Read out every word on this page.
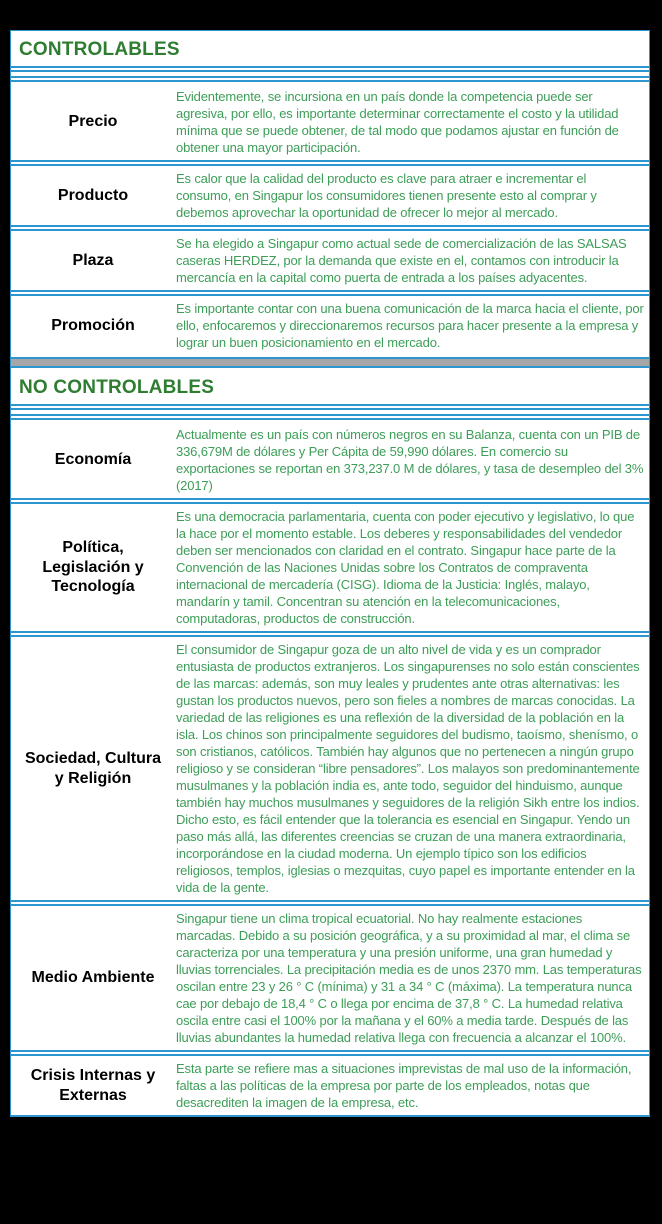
CONTROLABLES
Precio
Evidentemente, se incursiona en un país donde la competencia puede ser agresiva, por ello, es importante determinar correctamente el costo y la utilidad mínima que se puede obtener, de tal modo que podamos ajustar en función de obtener una mayor participación.
Producto
Es calor que la calidad del producto es clave para atraer e incrementar el consumo, en Singapur los consumidores tienen presente esto al comprar y debemos aprovechar la oportunidad de ofrecer lo mejor al mercado.
Plaza
Se ha elegido a Singapur como actual sede de comercialización de las SALSAS caseras HERDEZ, por la demanda que existe en el, contamos con introducir la mercancía en la capital como puerta de entrada a los países adyacentes.
Promoción
Es importante contar con una buena comunicación de la marca hacia el cliente, por ello, enfocaremos y direccionaremos recursos para hacer presente a la empresa y lograr un buen posicionamiento en el mercado.
NO CONTROLABLES
Economía
Actualmente es un país con números negros en su Balanza, cuenta con un PIB de 336,679M de dólares y Per Cápita de 59,990 dólares. En comercio su exportaciones se reportan en 373,237.0 M de dólares, y tasa de desempleo del 3% (2017)
Política, Legislación y Tecnología
Es una democracia parlamentaria, cuenta con poder ejecutivo y legislativo, lo que la hace por el momento estable. Los deberes y responsabilidades del vendedor deben ser mencionados con claridad en el contrato. Singapur hace parte de la Convención de las Naciones Unidas sobre los Contratos de compraventa internacional de mercadería (CISG). Idioma de la Justicia: Inglés, malayo, mandarín y tamil. Concentran su atención en la telecomunicaciones, computadoras, productos de construcción.
Sociedad, Cultura y Religión
El consumidor de Singapur goza de un alto nivel de vida y es un comprador entusiasta de productos extranjeros. Los singapurenses no solo están conscientes de las marcas: además, son muy leales y prudentes ante otras alternativas: les gustan los productos nuevos, pero son fieles a nombres de marcas conocidas. La variedad de las religiones es una reflexión de la diversidad de la población en la isla. Los chinos son principalmente seguidores del budismo, taoísmo, shenísmo, o son cristianos, católicos. También hay algunos que no pertenecen a ningún grupo religioso y se consideran “libre pensadores”. Los malayos son predominantemente musulmanes y la población india es, ante todo, seguidor del hinduismo, aunque también hay muchos musulmanes y seguidores de la religión Sikh entre los indios. Dicho esto, es fácil entender que la tolerancia es esencial en Singapur. Yendo un paso más allá, las diferentes creencias se cruzan de una manera extraordinaria, incorporándose en la ciudad moderna. Un ejemplo típico son los edificios religiosos, templos, iglesias o mezquitas, cuyo papel es importante entender en la vida de la gente.
Medio Ambiente
Singapur tiene un clima tropical ecuatorial. No hay realmente estaciones marcadas. Debido a su posición geográfica, y a su proximidad al mar, el clima se caracteriza por una temperatura y una presión uniforme, una gran humedad y lluvias torrenciales. La precipitación media es de unos 2370 mm. Las temperaturas oscilan entre 23 y 26 ° C (mínima) y 31 a 34 ° C (máxima). La temperatura nunca cae por debajo de 18,4 ° C o llega por encima de 37,8 ° C. La humedad relativa oscila entre casi el 100% por la mañana y el 60% a media tarde. Después de las lluvias abundantes la humedad relativa llega con frecuencia a alcanzar el 100%.
Crisis Internas y Externas
Esta parte se refiere mas a situaciones imprevistas de mal uso de la información, faltas a las políticas de la empresa por parte de los empleados, notas que desacrediten la imagen de la empresa, etc.
